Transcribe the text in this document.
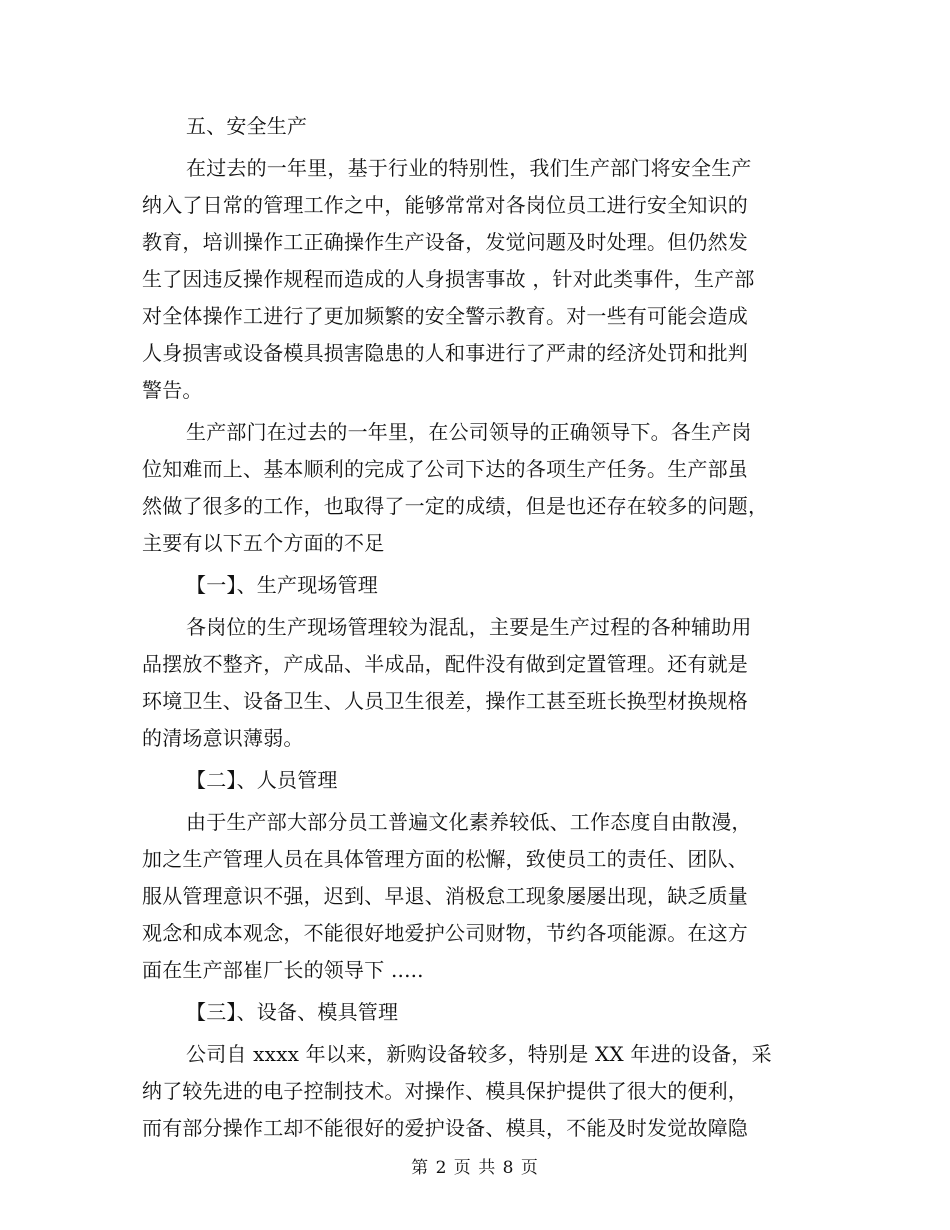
五、安全生产
在过去的一年里，基于行业的特别性，我们生产部门将安全生产
纳入了日常的管理工作之中，能够常常对各岗位员工进行安全知识的
教育，培训操作工正确操作生产设备，发觉问题及时处理。但仍然发
生了因违反操作规程而造成的人身损害事故 ，针对此类事件，生产部
对全体操作工进行了更加频繁的安全警示教育。对一些有可能会造成
人身损害或设备模具损害隐患的人和事进行了严肃的经济处罚和批判
警告。
生产部门在过去的一年里，在公司领导的正确领导下。各生产岗
位知难而上、基本顺利的完成了公司下达的各项生产任务。生产部虽
然做了很多的工作，也取得了一定的成绩，但是也还存在较多的问题，
主要有以下五个方面的不足
【一】、生产现场管理
各岗位的生产现场管理较为混乱，主要是生产过程的各种辅助用
品摆放不整齐，产成品、半成品，配件没有做到定置管理。还有就是
环境卫生、设备卫生、人员卫生很差，操作工甚至班长换型材换规格
的清场意识薄弱。
【二】、人员管理
由于生产部大部分员工普遍文化素养较低、工作态度自由散漫，
加之生产管理人员在具体管理方面的松懈，致使员工的责任、团队、
服从管理意识不强，迟到、早退、消极怠工现象屡屡出现，缺乏质量
观念和成本观念，不能很好地爱护公司财物，节约各项能源。在这方
面在生产部崔厂长的领导下 .....
【三】、设备、模具管理
公司自 xxxx 年以来，新购设备较多，特别是 XX 年进的设备，采
纳了较先进的电子控制技术。对操作、模具保护提供了很大的便利，
而有部分操作工却不能很好的爱护设备、模具，不能及时发觉故障隐
第 2 页 共 8 页
